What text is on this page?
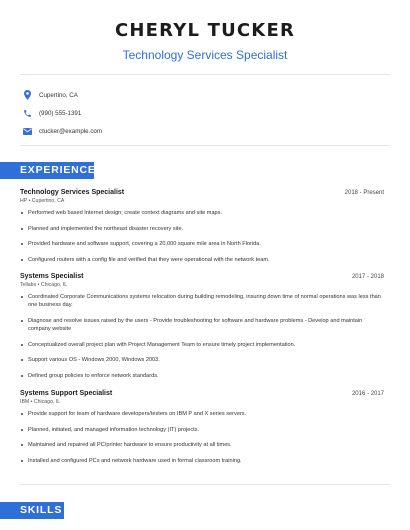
CHERYL TUCKER
Technology Services Specialist
Cupertino, CA
(990) 555-1391
ctucker@example.com
EXPERIENCE
Technology Services Specialist	2018 - Present
HP • Cupertino, CA
Performed web based Internet design; create context diagrams and site maps.
Planned and implemented the northeast disaster recovery site.
Provided hardware and software support, covering a 20,000 square mile area in North Florida.
Configured routers with a config file and verified that they were operational with the network team.
Systems Specialist	2017 - 2018
Tellabs • Chicago, IL
Coordinated Corporate Communications systems relocation during building remodeling, insuring down time of normal operations was less than one business day.
Diagnose and resolve issues raised by the users - Provide troubleshooting for software and hardware problems - Develop and maintain company website
Conceptualized overall project plan with Project Management Team to ensure timely project implementation.
Support various OS - Windows 2000, Windows 2003.
Defined group policies to enforce network standards.
Systems Support Specialist	2016 - 2017
IBM • Chicago, IL
Provide support for team of hardware developers/testers on IBM P and X series servers.
Planned, initiated, and managed information technology (IT) projects.
Maintained and repaired all PC/printer hardware to ensure productivity at all times.
Installed and configured PCs and network hardware used in formal classroom training.
SKILLS
